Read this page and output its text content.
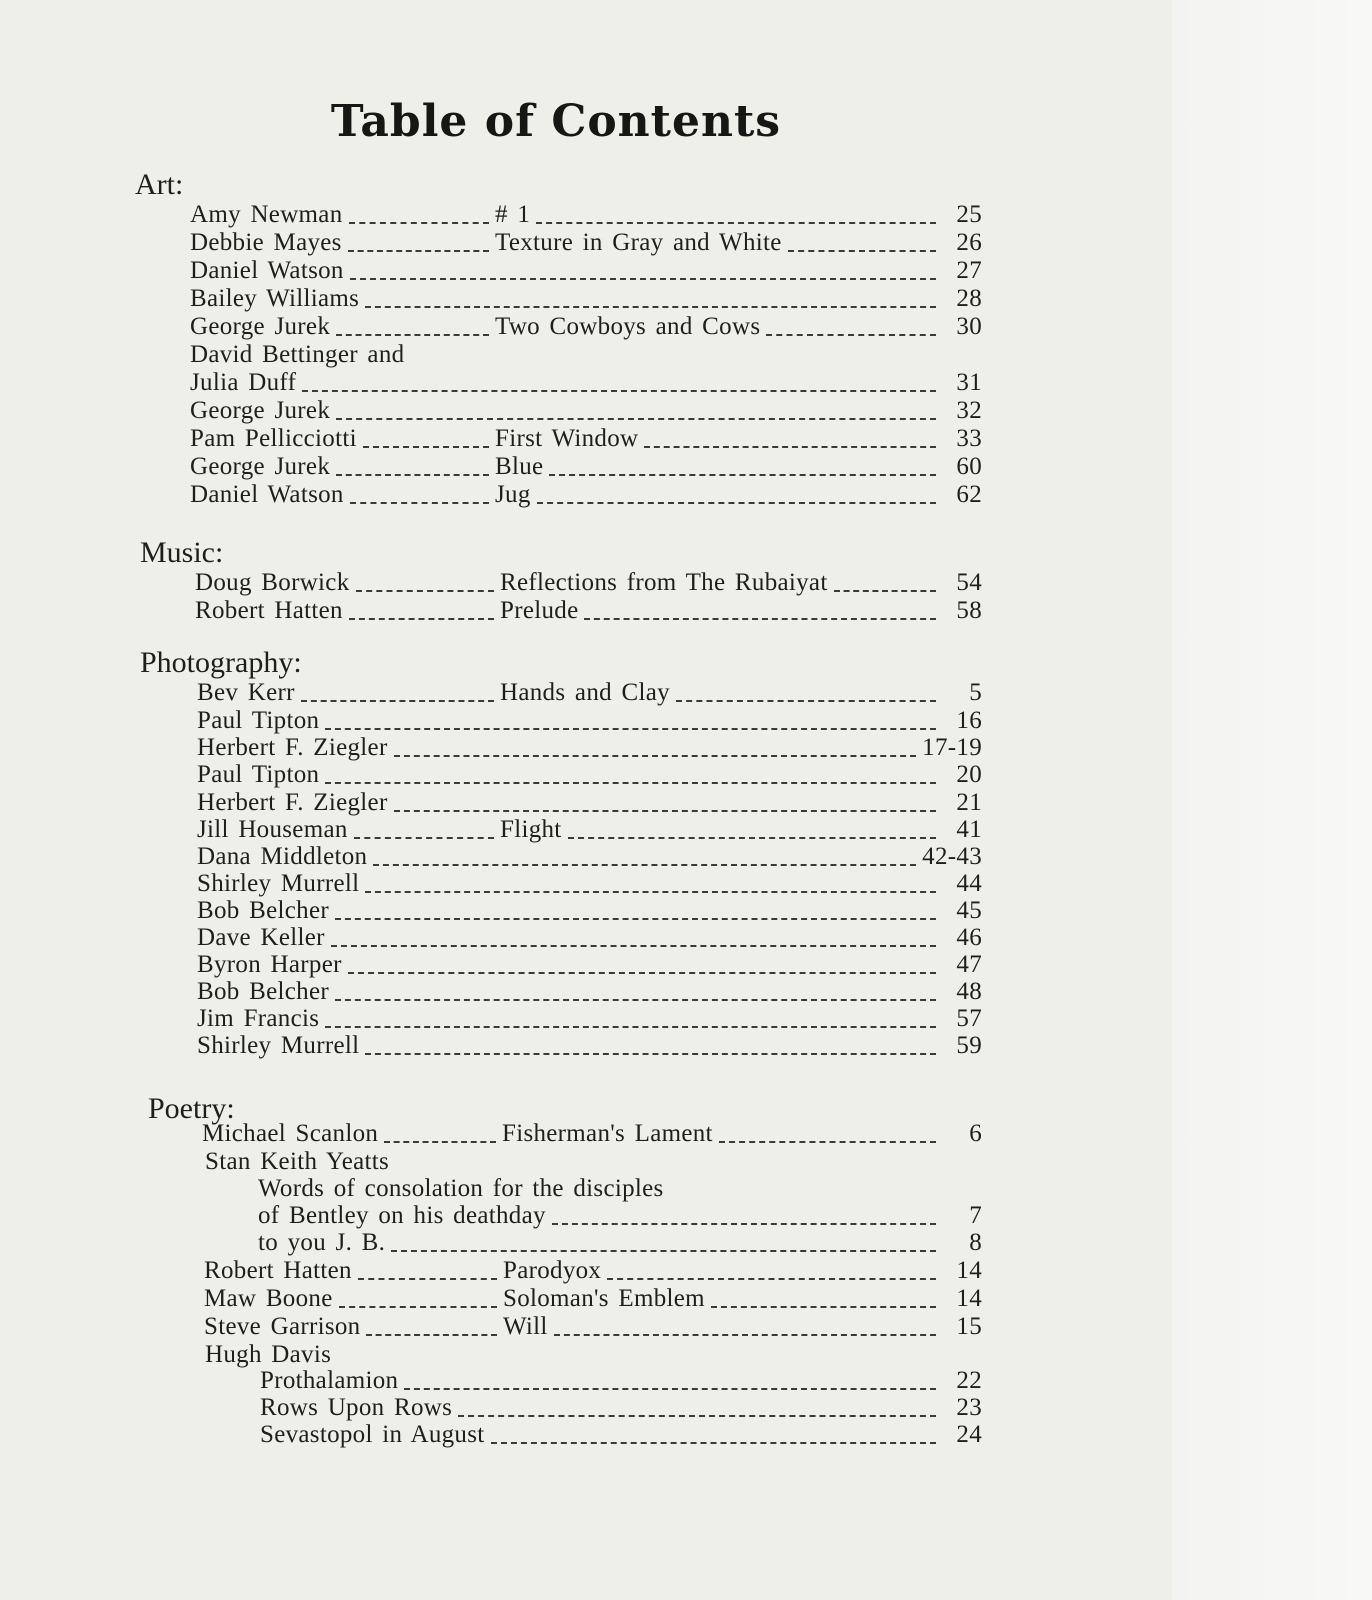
Table of Contents
Art:
Amy Newman	# 1	25
Debbie Mayes	Texture in Gray and White	26
Daniel Watson	27
Bailey Williams	28
George Jurek	Two Cowboys and Cows	30
David Bettinger and
Julia Duff	31
George Jurek	32
Pam Pellicciotti	First Window	33
George Jurek	Blue	60
Daniel Watson	Jug	62
Music:
Doug Borwick	Reflections from The Rubaiyat	54
Robert Hatten	Prelude	58
Photography:
Bev Kerr	Hands and Clay	5
Paul Tipton	16
Herbert F. Ziegler	17-19
Paul Tipton	20
Herbert F. Ziegler	21
Jill Houseman	Flight	41
Dana Middleton	42-43
Shirley Murrell	44
Bob Belcher	45
Dave Keller	46
Byron Harper	47
Bob Belcher	48
Jim Francis	57
Shirley Murrell	59
Poetry:
Michael Scanlon	Fisherman's Lament	6
Stan Keith Yeatts
Words of consolation for the disciples
of Bentley on his deathday	7
to you J. B.	8
Robert Hatten	Parodyox	14
Maw Boone	Soloman's Emblem	14
Steve Garrison	Will	15
Hugh Davis
Prothalamion	22
Rows Upon Rows	23
Sevastopol in August	24
